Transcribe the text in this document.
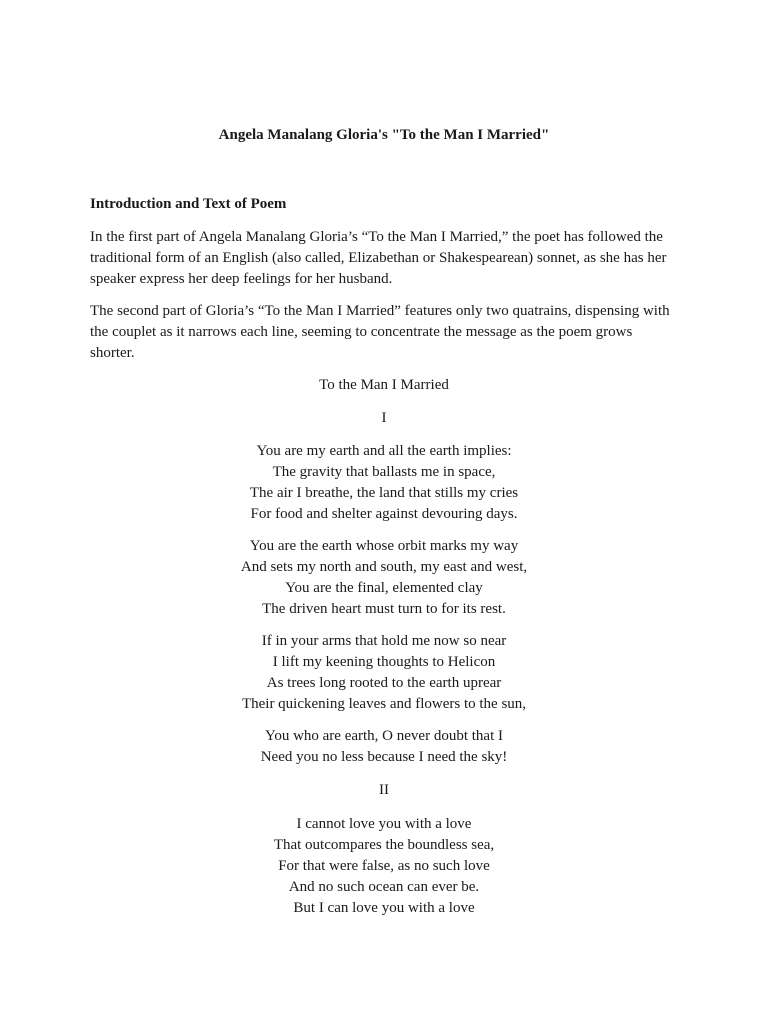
Angela Manalang Gloria's "To the Man I Married"
Introduction and Text of Poem

In the first part of Angela Manalang Gloria’s “To the Man I Married,” the poet has followed the traditional form of an English (also called, Elizabethan or Shakespearean) sonnet, as she has her speaker express her deep feelings for her husband.

The second part of Gloria’s “To the Man I Married” features only two quatrains, dispensing with the couplet as it narrows each line, seeming to concentrate the message as the poem grows shorter.

To the Man I Married
I
You are my earth and all the earth implies:
The gravity that ballasts me in space,
The air I breathe, the land that stills my cries
For food and shelter against devouring days.
You are the earth whose orbit marks my way
And sets my north and south, my east and west,
You are the final, elemented clay
The driven heart must turn to for its rest.
If in your arms that hold me now so near
I lift my keening thoughts to Helicon
As trees long rooted to the earth uprear
Their quickening leaves and flowers to the sun,
You who are earth, O never doubt that I
Need you no less because I need the sky!
II
I cannot love you with a love
That outcompares the boundless sea,
For that were false, as no such love
And no such ocean can ever be.
But I can love you with a love
